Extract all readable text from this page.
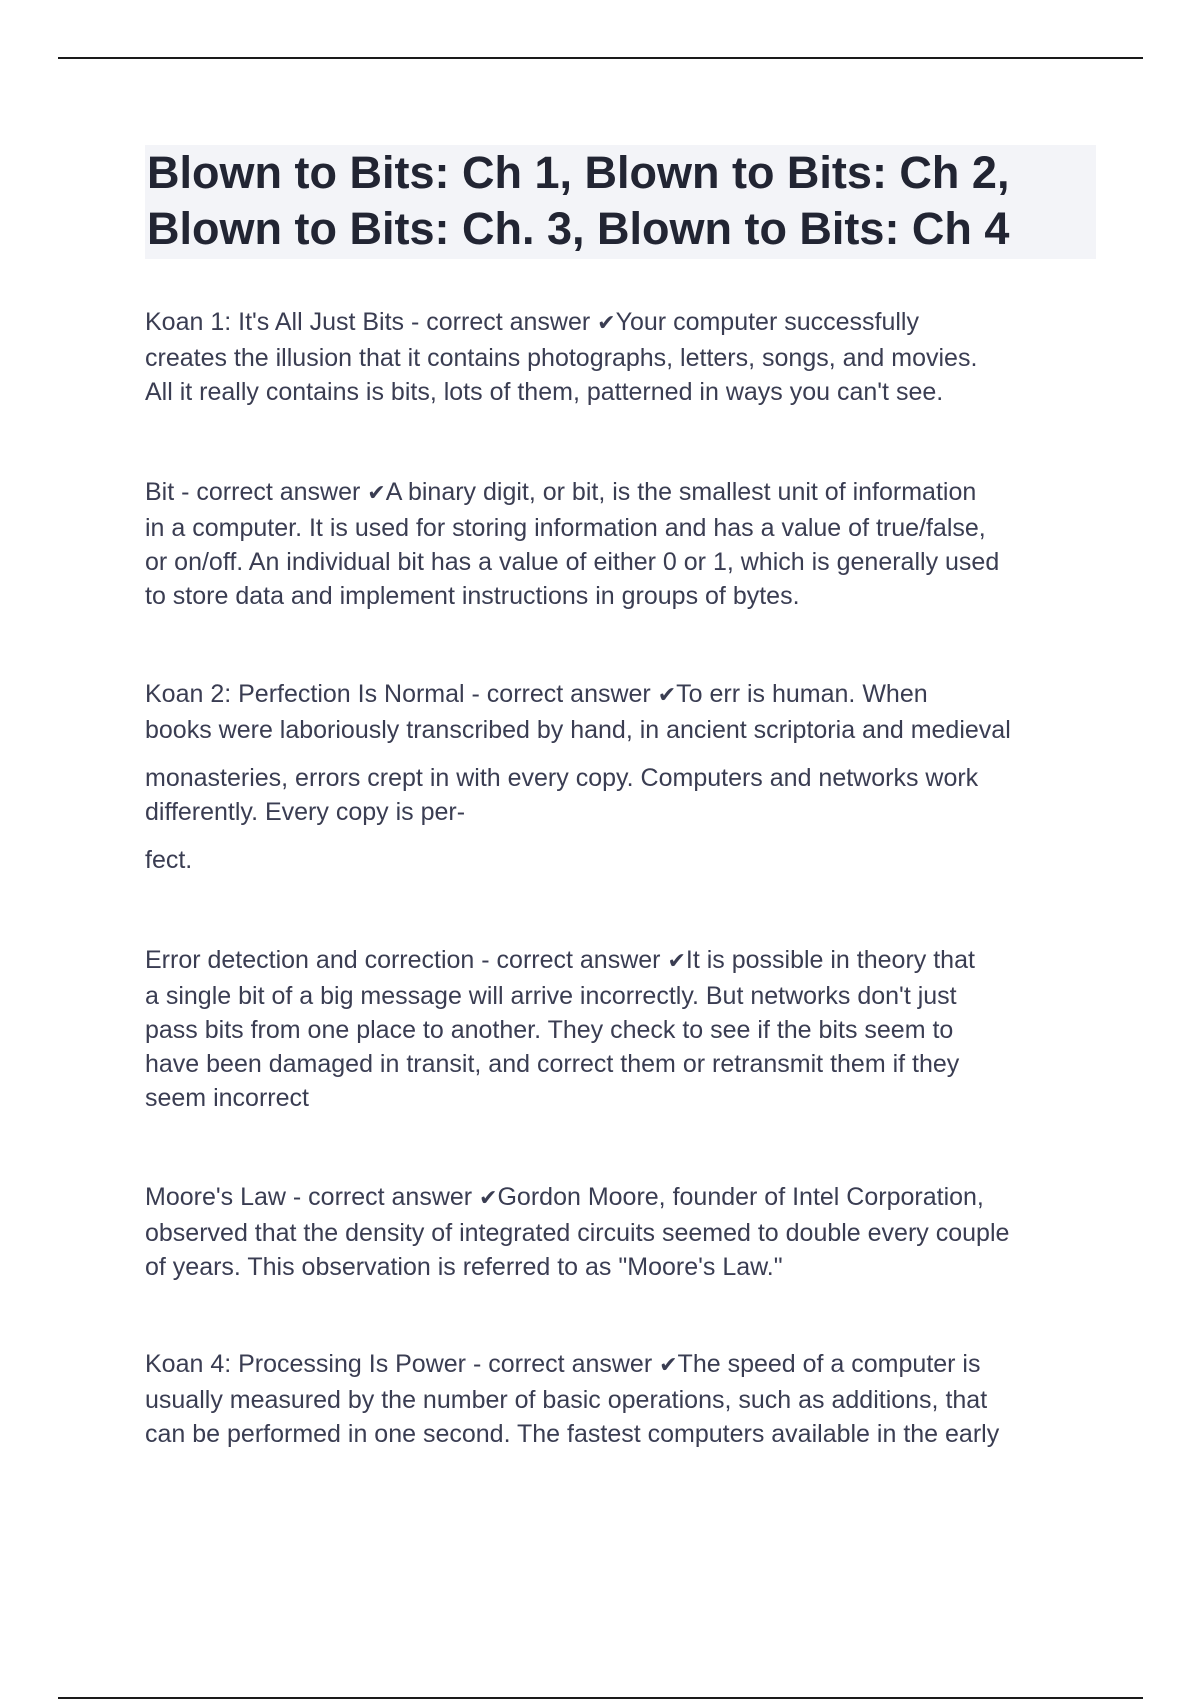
Blown to Bits: Ch 1, Blown to Bits: Ch 2,
Blown to Bits: Ch. 3, Blown to Bits: Ch 4
Koan 1: It's All Just Bits - correct answer ✔Your computer successfully
creates the illusion that it contains photographs, letters, songs, and movies.
All it really contains is bits, lots of them, patterned in ways you can't see.
Bit - correct answer ✔A binary digit, or bit, is the smallest unit of information
in a computer. It is used for storing information and has a value of true/false,
or on/off. An individual bit has a value of either 0 or 1, which is generally used
to store data and implement instructions in groups of bytes.
Koan 2: Perfection Is Normal - correct answer ✔To err is human. When
books were laboriously transcribed by hand, in ancient scriptoria and medieval
monasteries, errors crept in with every copy. Computers and networks work
differently. Every copy is per-
fect.
Error detection and correction - correct answer ✔It is possible in theory that
a single bit of a big message will arrive incorrectly. But networks don't just
pass bits from one place to another. They check to see if the bits seem to
have been damaged in transit, and correct them or retransmit them if they
seem incorrect
Moore's Law - correct answer ✔Gordon Moore, founder of Intel Corporation,
observed that the density of integrated circuits seemed to double every couple
of years. This observation is referred to as "Moore's Law."
Koan 4: Processing Is Power - correct answer ✔The speed of a computer is
usually measured by the number of basic operations, such as additions, that
can be performed in one second. The fastest computers available in the early
